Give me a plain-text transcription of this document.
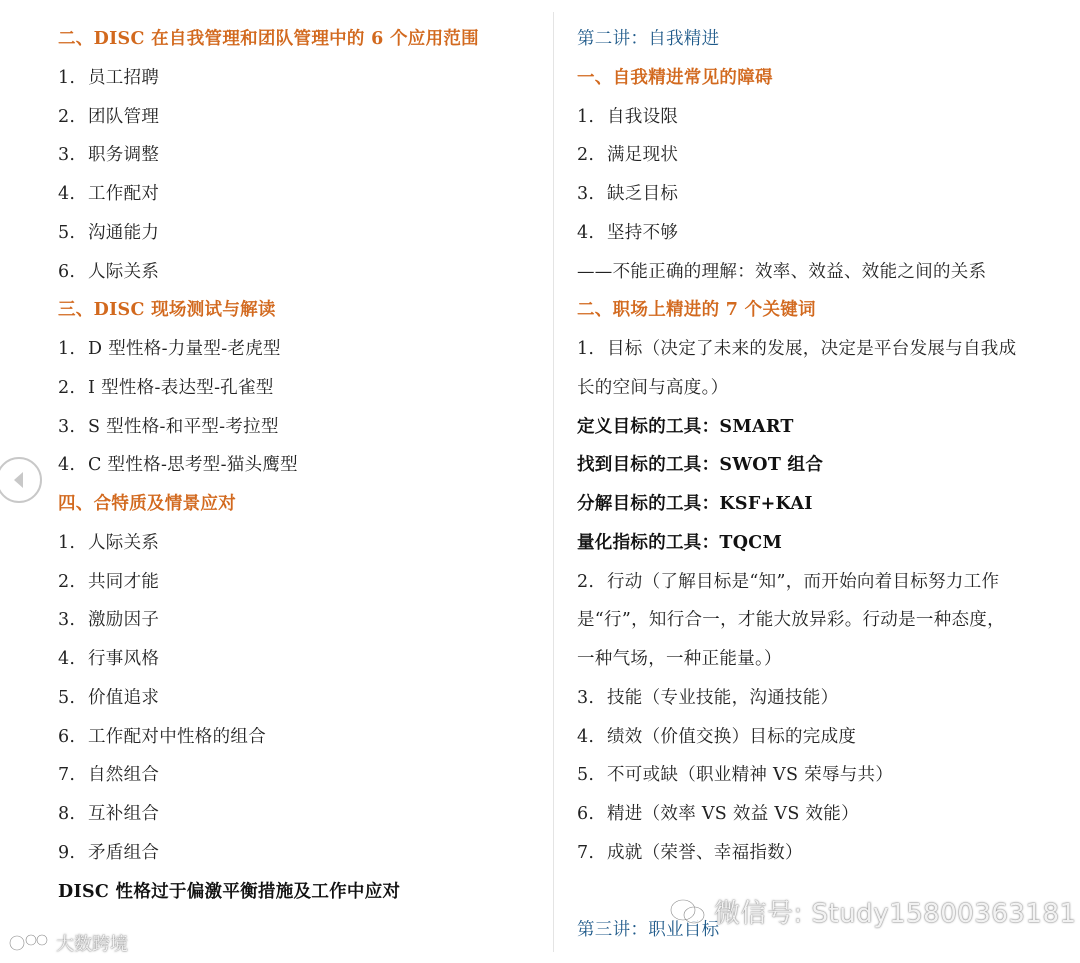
二、DISC 在自我管理和团队管理中的 6 个应用范围
1. 员工招聘
2. 团队管理
3. 职务调整
4. 工作配对
5. 沟通能力
6. 人际关系
三、DISC 现场测试与解读
1. D 型性格-力量型-老虎型
2. I 型性格-表达型-孔雀型
3. S 型性格-和平型-考拉型
4. C 型性格-思考型-猫头鹰型
四、合特质及情景应对
1. 人际关系
2. 共同才能
3. 激励因子
4. 行事风格
5. 价值追求
6. 工作配对中性格的组合
7. 自然组合
8. 互补组合
9. 矛盾组合
DISC 性格过于偏激平衡措施及工作中应对
第二讲：自我精进
一、自我精进常见的障碍
1. 自我设限
2. 满足现状
3. 缺乏目标
4. 坚持不够
——不能正确的理解：效率、效益、效能之间的关系
二、职场上精进的 7 个关键词
1. 目标（决定了未来的发展，决定是平台发展与自我成
长的空间与高度。）
定义目标的工具：SMART
找到目标的工具：SWOT 组合
分解目标的工具：KSF+KAI
量化指标的工具：TQCM
2. 行动（了解目标是“知”，而开始向着目标努力工作
是“行”，知行合一，才能大放异彩。行动是一种态度，
一种气场，一种正能量。）
3. 技能（专业技能，沟通技能）
4. 绩效（价值交换）目标的完成度
5. 不可或缺（职业精神 VS 荣辱与共）
6. 精进（效率 VS 效益 VS 效能）
7. 成就（荣誉、幸福指数）
第三讲：职业目标
微信号: Study15800363181
大数跨境
